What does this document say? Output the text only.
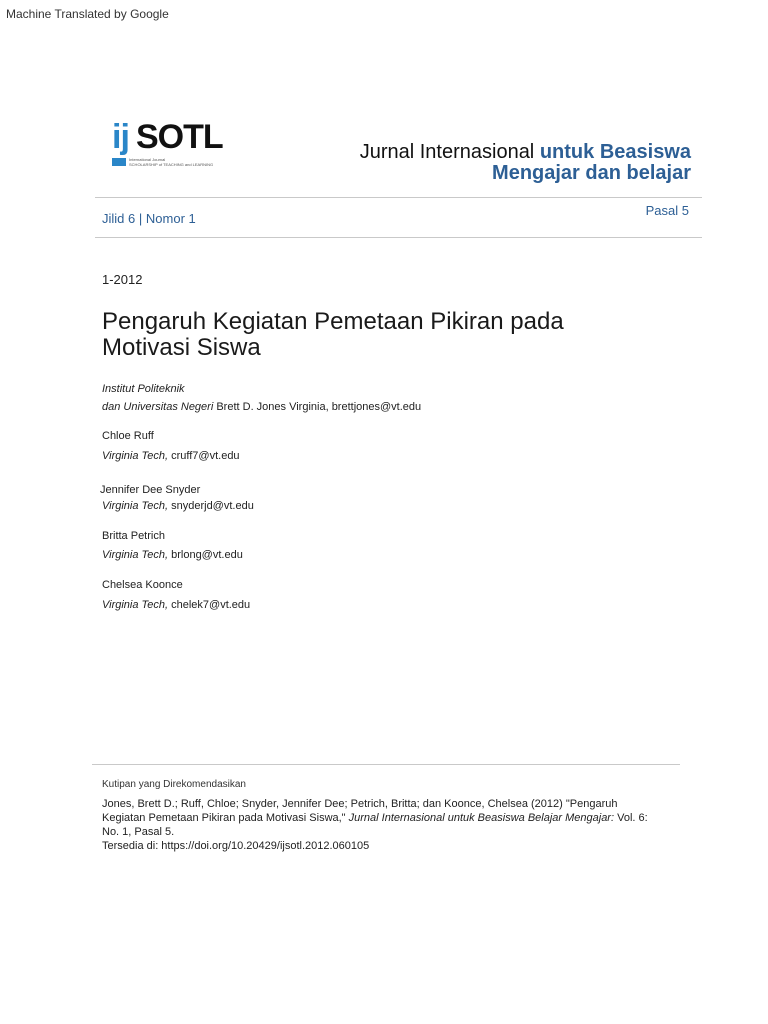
Machine Translated by Google
ij SOTL
International Journal
SCHOLARSHIP of TEACHING and LEARNING
Jurnal Internasional untuk Beasiswa
Mengajar dan belajar
Jilid 6 | Nomor 1
Pasal 5
1-2012
Pengaruh Kegiatan Pemetaan Pikiran pada Motivasi Siswa
Institut Politeknik
dan Universitas Negeri Brett D. Jones Virginia, brettjones@vt.edu
Chloe Ruff
Virginia Tech, cruff7@vt.edu
Jennifer Dee Snyder
Virginia Tech, snyderjd@vt.edu
Britta Petrich
Virginia Tech, brlong@vt.edu
Chelsea Koonce
Virginia Tech, chelek7@vt.edu
Kutipan yang Direkomendasikan
Jones, Brett D.; Ruff, Chloe; Snyder, Jennifer Dee; Petrich, Britta; dan Koonce, Chelsea (2012) "Pengaruh Kegiatan Pemetaan Pikiran pada Motivasi Siswa," Jurnal Internasional untuk Beasiswa Belajar Mengajar: Vol. 6: No. 1, Pasal 5.
Tersedia di: https://doi.org/10.20429/ijsotl.2012.060105
